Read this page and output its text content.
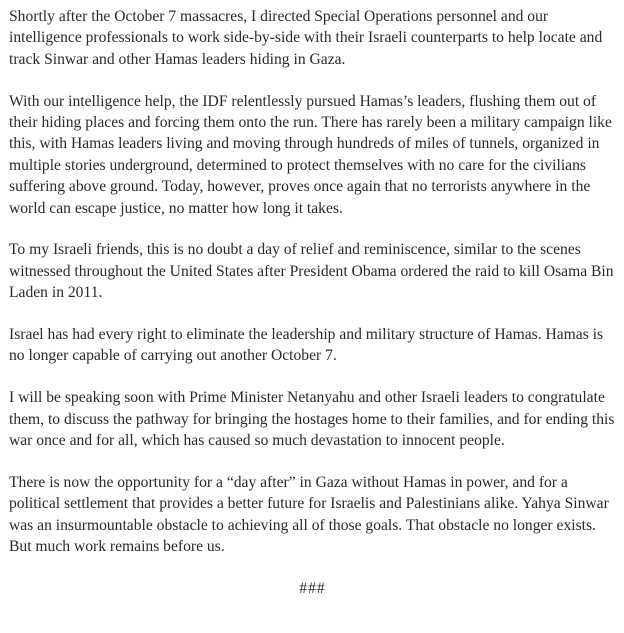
Shortly after the October 7 massacres, I directed Special Operations personnel and our intelligence professionals to work side-by-side with their Israeli counterparts to help locate and track Sinwar and other Hamas leaders hiding in Gaza.

With our intelligence help, the IDF relentlessly pursued Hamas’s leaders, flushing them out of their hiding places and forcing them onto the run. There has rarely been a military campaign like this, with Hamas leaders living and moving through hundreds of miles of tunnels, organized in multiple stories underground, determined to protect themselves with no care for the civilians suffering above ground. Today, however, proves once again that no terrorists anywhere in the world can escape justice, no matter how long it takes.

To my Israeli friends, this is no doubt a day of relief and reminiscence, similar to the scenes witnessed throughout the United States after President Obama ordered the raid to kill Osama Bin Laden in 2011.

Israel has had every right to eliminate the leadership and military structure of Hamas. Hamas is no longer capable of carrying out another October 7.

I will be speaking soon with Prime Minister Netanyahu and other Israeli leaders to congratulate them, to discuss the pathway for bringing the hostages home to their families, and for ending this war once and for all, which has caused so much devastation to innocent people.

There is now the opportunity for a “day after” in Gaza without Hamas in power, and for a political settlement that provides a better future for Israelis and Palestinians alike. Yahya Sinwar was an insurmountable obstacle to achieving all of those goals. That obstacle no longer exists. But much work remains before us.

###
